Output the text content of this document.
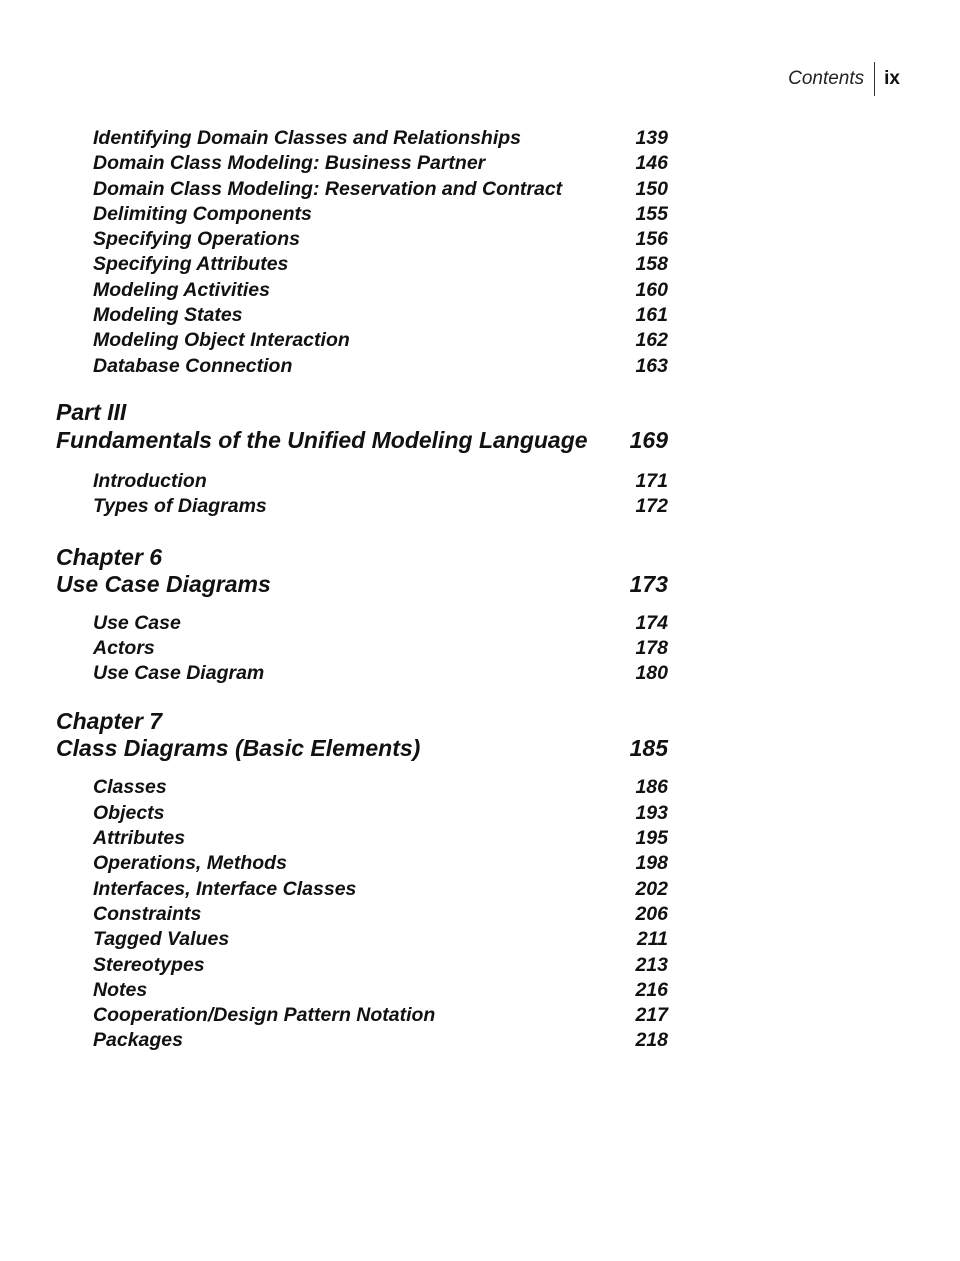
Contents	ix
Identifying Domain Classes and Relationships	139
Domain Class Modeling: Business Partner	146
Domain Class Modeling: Reservation and Contract	150
Delimiting Components	155
Specifying Operations	156
Specifying Attributes	158
Modeling Activities	160
Modeling States	161
Modeling Object Interaction	162
Database Connection	163
Part III
Fundamentals of the Unified Modeling Language	169
Introduction	171
Types of Diagrams	172
Chapter 6
Use Case Diagrams	173
Use Case	174
Actors	178
Use Case Diagram	180
Chapter 7
Class Diagrams (Basic Elements)	185
Classes	186
Objects	193
Attributes	195
Operations, Methods	198
Interfaces, Interface Classes	202
Constraints	206
Tagged Values	211
Stereotypes	213
Notes	216
Cooperation/Design Pattern Notation	217
Packages	218
